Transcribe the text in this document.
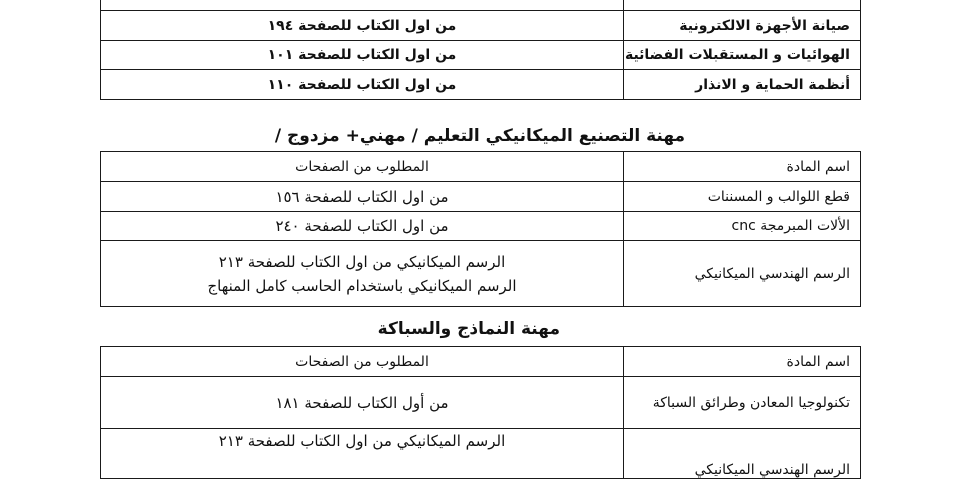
صيانة الأجهزة الالكترونية	من اول الكتاب للصفحة ١٩٤
الهوائيات و المستقبلات الفضائية	من اول الكتاب للصفحة ١٠١
أنظمة الحماية و الانذار	من اول الكتاب للصفحة ١١٠
مهنة التصنيع الميكانيكي التعليم / مهني+ مزدوج /
اسم المادة	المطلوب من الصفحات
قطع اللوالب و المسننات	من اول الكتاب للصفحة ١٥٦
الألات المبرمجة cnc	من اول الكتاب للصفحة ٢٤٠
الرسم الهندسي الميكانيكي	الرسم الميكانيكي من اول الكتاب للصفحة ٢١٣
الرسم الميكانيكي باستخدام الحاسب كامل المنهاج
مهنة النماذج والسباكة
اسم المادة	المطلوب من الصفحات
تكنولوجيا المعادن وطرائق السباكة	من أول الكتاب للصفحة ١٨١
الرسم الهندسي الميكانيكي	الرسم الميكانيكي من اول الكتاب للصفحة ٢١٣
